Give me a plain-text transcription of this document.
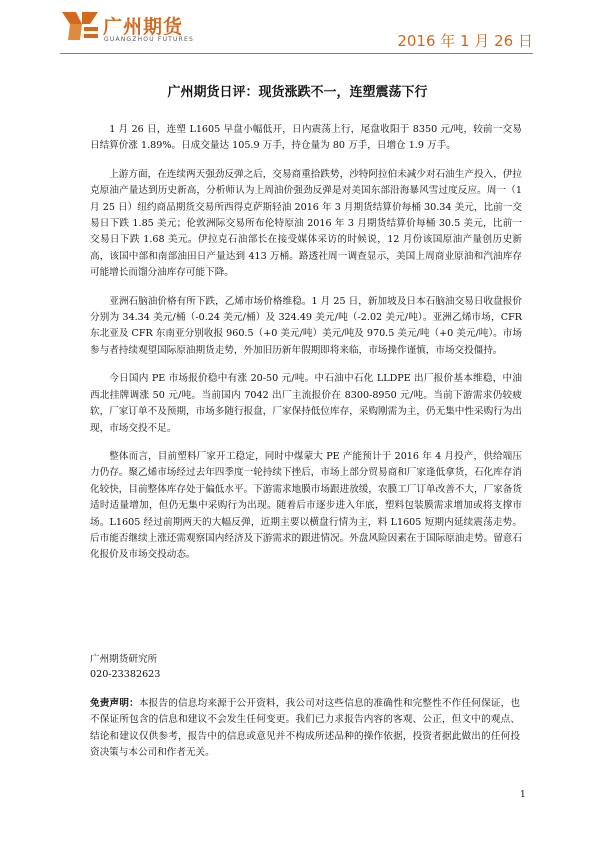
广州期货
GUANGZHOU FUTURES	2016 年 1 月 26 日
广州期货日评：现货涨跌不一，连塑震荡下行

1 月 26 日，连塑 L1605 早盘小幅低开，日内震荡上行，尾盘收阳于 8350 元/吨，较前一交易日结算价涨 1.89%。日成交量达 105.9 万手，持仓量为 80 万手，日增仓 1.9 万手。

上游方面，在连续两天强劲反弹之后，交易商重拾跌势，沙特阿拉伯未减少对石油生产投入，伊拉克原油产量达到历史新高，分析师认为上周油价强劲反弹是对美国东部沿海暴风雪过度反应。周一（1 月 25 日）纽约商品期货交易所西得克萨斯轻油 2016 年 3 月期货结算价每桶 30.34 美元，比前一交易日下跌 1.85 美元；伦敦洲际交易所布伦特原油 2016 年 3 月期货结算价每桶 30.5 美元，比前一交易日下跌 1.68 美元。伊拉克石油部长在接受媒体采访的时候说，12 月份该国原油产量创历史新高，该国中部和南部油田日产量达到 413 万桶。路透社周一调查显示，美国上周商业原油和汽油库存可能增长而馏分油库存可能下降。

亚洲石脑油价格有所下跌，乙烯市场价格维稳。1 月 25 日，新加坡及日本石脑油交易日收盘报价分别为 34.34 美元/桶（-0.24 美元/桶）及 324.49 美元/吨（-2.02 美元/吨）。亚洲乙烯市场，CFR 东北亚及 CFR 东南亚分别收报 960.5（+0 美元/吨）美元/吨及 970.5 美元/吨（+0 美元/吨）。市场参与者持续观望国际原油期货走势，外加旧历新年假期即将来临，市场操作谨慎，市场交投僵持。

今日国内 PE 市场报价稳中有涨 20-50 元/吨。中石油中石化 LLDPE 出厂报价基本维稳，中油西北挂牌调涨 50 元/吨。当前国内 7042 出厂主流报价在 8300-8950 元/吨。当前下游需求仍较疲软，厂家订单不及预期，市场多随行报盘，厂家保持低位库存，采购刚需为主，仍无集中性采购行为出现，市场交投不足。

整体而言，目前塑料厂家开工稳定，同时中煤蒙大 PE 产能预计于 2016 年 4 月投产，供给端压力仍存。聚乙烯市场经过去年四季度一轮持续下挫后，市场上部分贸易商和厂家逢低拿货，石化库存消化较快，目前整体库存处于偏低水平。下游需求地膜市场跟进放缓，农膜工厂订单改善不大，厂家备货适时适量增加，但仍无集中采购行为出现。随着后市逐步进入年底，塑料包装膜需求增加或将支撑市场。L1605 经过前期两天的大幅反弹，近期主要以横盘行情为主，料 L1605 短期内延续震荡走势。后市能否继续上涨还需观察国内经济及下游需求的跟进情况。外盘风险因素在于国际原油走势。留意石化报价及市场交投动态。

广州期货研究所
020-23382623
免责声明：本报告的信息均来源于公开资料，我公司对这些信息的准确性和完整性不作任何保证，也不保证所包含的信息和建议不会发生任何变更。我们已力求报告内容的客观、公正，但文中的观点、结论和建议仅供参考，报告中的信息或意见并不构成所述品种的操作依据，投资者据此做出的任何投资决策与本公司和作者无关。
1
